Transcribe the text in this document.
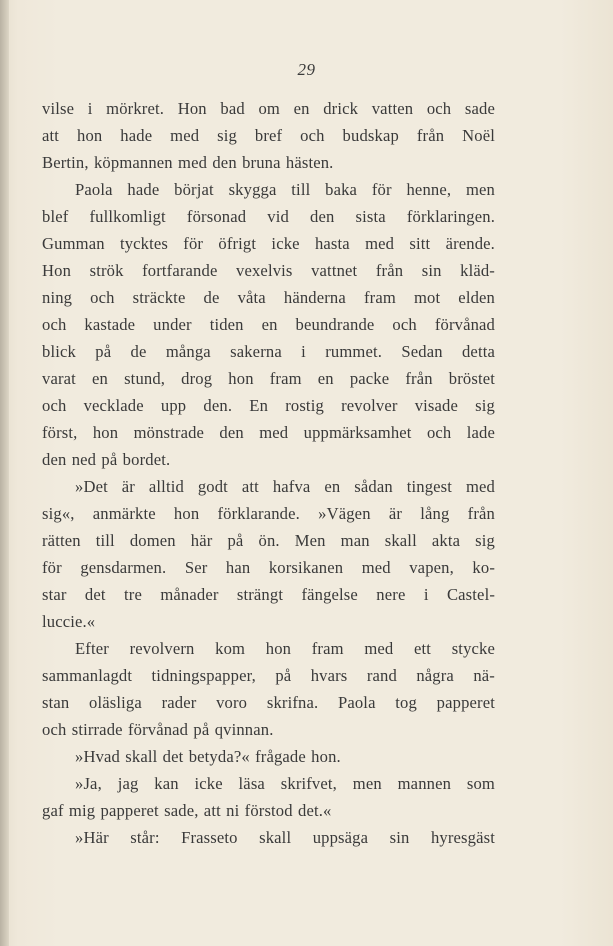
29
vilse i mörkret. Hon bad om en drick vatten och sade
att hon hade med sig bref och budskap från Noël
Bertin, köpmannen med den bruna hästen.
Paola hade börjat skygga till baka för henne, men
blef fullkomligt försonad vid den sista förklaringen.
Gumman tycktes för öfrigt icke hasta med sitt ärende.
Hon strök fortfarande vexelvis vattnet från sin kläd-
ning och sträckte de våta händerna fram mot elden
och kastade under tiden en beundrande och förvånad
blick på de många sakerna i rummet. Sedan detta
varat en stund, drog hon fram en packe från bröstet
och vecklade upp den. En rostig revolver visade sig
först, hon mönstrade den med uppmärksamhet och lade
den ned på bordet.
»Det är alltid godt att hafva en sådan tingest med
sig«, anmärkte hon förklarande. »Vägen är lång från
rätten till domen här på ön. Men man skall akta sig
för gensdarmen. Ser han korsikanen med vapen, ko-
star det tre månader strängt fängelse nere i Castel-
luccie.«
Efter revolvern kom hon fram med ett stycke
sammanlagdt tidningspapper, på hvars rand några nä-
stan oläsliga rader voro skrifna. Paola tog papperet
och stirrade förvånad på qvinnan.
»Hvad skall det betyda?« frågade hon.
»Ja, jag kan icke läsa skrifvet, men mannen som
gaf mig papperet sade, att ni förstod det.«
»Här står: Frasseto skall uppsäga sin hyresgäst
